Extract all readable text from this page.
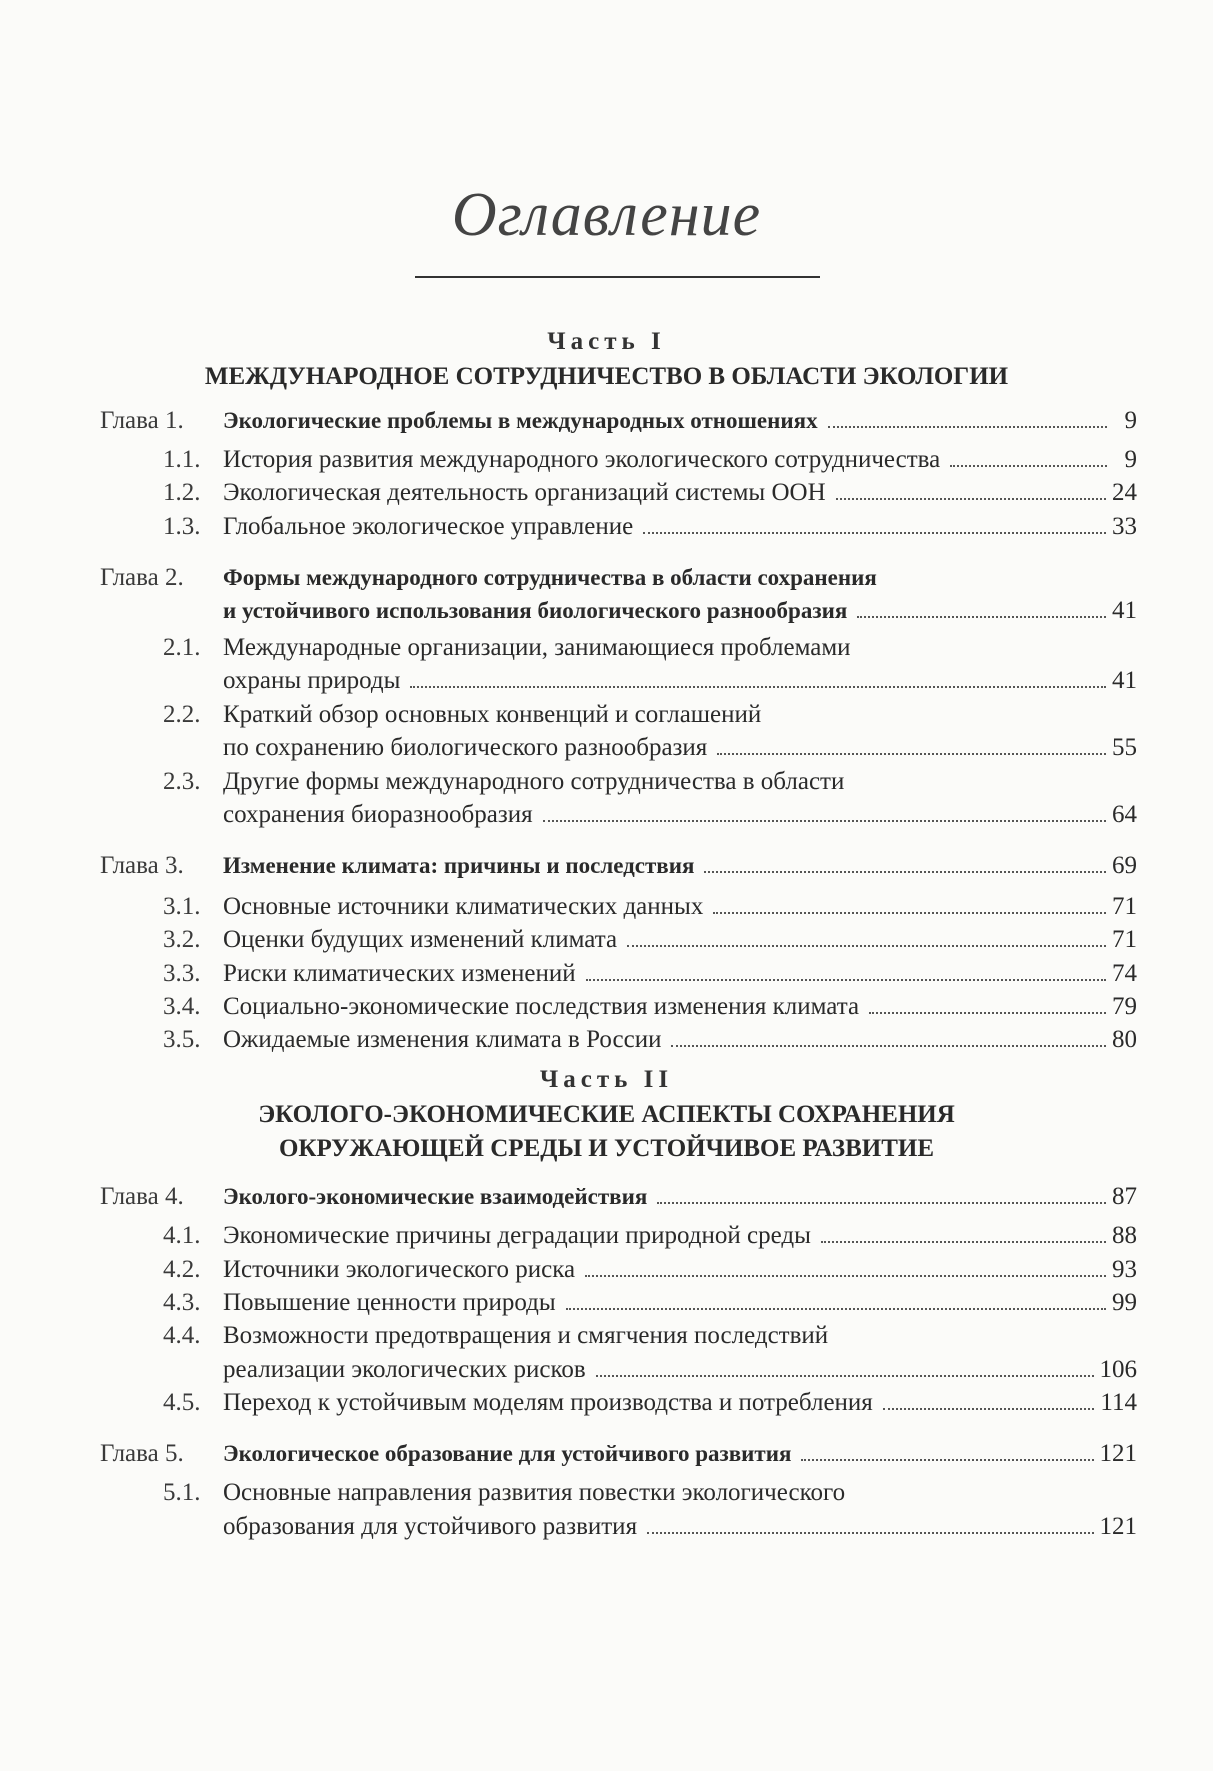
Оглавление
Часть I
МЕЖДУНАРОДНОЕ СОТРУДНИЧЕСТВО В ОБЛАСТИ ЭКОЛОГИИ
Глава 1.	Экологические проблемы в международных отношениях	9
1.1. История развития международного экологического сотрудничества	9
1.2. Экологическая деятельность организаций системы ООН	24
1.3. Глобальное экологическое управление	33
Глава 2.	Формы международного сотрудничества в области сохранения
и устойчивого использования биологического разнообразия	41
2.1. Международные организации, занимающиеся проблемами
охраны природы	41
2.2. Краткий обзор основных конвенций и соглашений
по сохранению биологического разнообразия	55
2.3. Другие формы международного сотрудничества в области
сохранения биоразнообразия	64
Глава 3.	Изменение климата: причины и последствия	69
3.1. Основные источники климатических данных	71
3.2. Оценки будущих изменений климата	71
3.3. Риски климатических изменений	74
3.4. Социально-экономические последствия изменения климата	79
3.5. Ожидаемые изменения климата в России	80
Часть II
ЭКОЛОГО-ЭКОНОМИЧЕСКИЕ АСПЕКТЫ СОХРАНЕНИЯ
ОКРУЖАЮЩЕЙ СРЕДЫ И УСТОЙЧИВОЕ РАЗВИТИЕ
Глава 4.	Эколого-экономические взаимодействия	87
4.1. Экономические причины деградации природной среды	88
4.2. Источники экологического риска	93
4.3. Повышение ценности природы	99
4.4. Возможности предотвращения и смягчения последствий
реализации экологических рисков	106
4.5. Переход к устойчивым моделям производства и потребления	114
Глава 5.	Экологическое образование для устойчивого развития	121
5.1. Основные направления развития повестки экологического
образования для устойчивого развития	121
